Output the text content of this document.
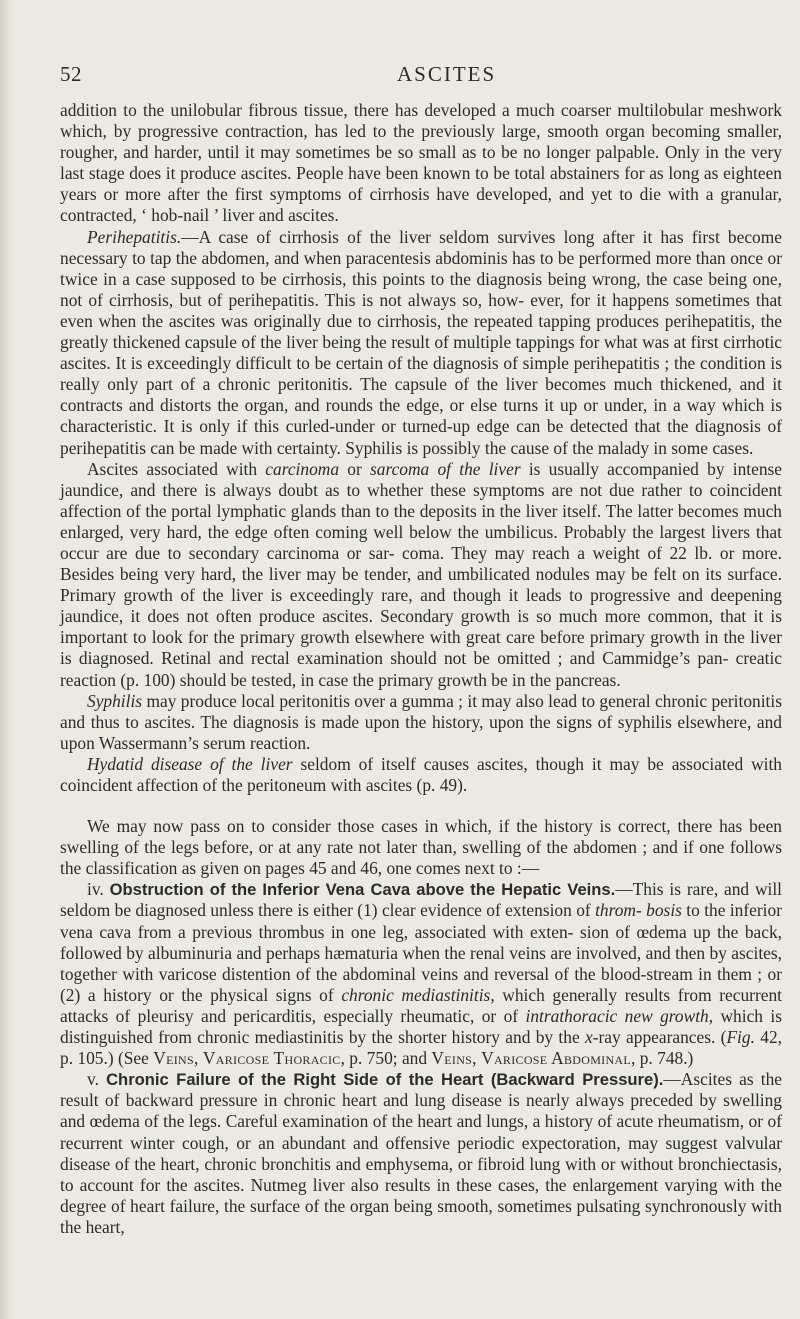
52	ASCITES

addition to the unilobular fibrous tissue, there has developed a much coarser multilobular meshwork which, by progressive contraction, has led to the previously large, smooth organ becoming smaller, rougher, and harder, until it may sometimes be so small as to be no longer palpable. Only in the very last stage does it produce ascites. People have been known to be total abstainers for as long as eighteen years or more after the first symptoms of cirrhosis have developed, and yet to die with a granular, contracted, ‘ hob-nail ’ liver and ascites.

Perihepatitis.—A case of cirrhosis of the liver seldom survives long after it has first become necessary to tap the abdomen, and when paracentesis abdominis has to be performed more than once or twice in a case supposed to be cirrhosis, this points to the diagnosis being wrong, the case being one, not of cirrhosis, but of perihepatitis. This is not always so, how- ever, for it happens sometimes that even when the ascites was originally due to cirrhosis, the repeated tapping produces perihepatitis, the greatly thickened capsule of the liver being the result of multiple tappings for what was at first cirrhotic ascites. It is exceedingly difficult to be certain of the diagnosis of simple perihepatitis ; the condition is really only part of a chronic peritonitis. The capsule of the liver becomes much thickened, and it contracts and distorts the organ, and rounds the edge, or else turns it up or under, in a way which is characteristic. It is only if this curled-under or turned-up edge can be detected that the diagnosis of perihepatitis can be made with certainty. Syphilis is possibly the cause of the malady in some cases.

Ascites associated with carcinoma or sarcoma of the liver is usually accompanied by intense jaundice, and there is always doubt as to whether these symptoms are not due rather to coincident affection of the portal lymphatic glands than to the deposits in the liver itself. The latter becomes much enlarged, very hard, the edge often coming well below the umbilicus. Probably the largest livers that occur are due to secondary carcinoma or sar- coma. They may reach a weight of 22 lb. or more. Besides being very hard, the liver may be tender, and umbilicated nodules may be felt on its surface. Primary growth of the liver is exceedingly rare, and though it leads to progressive and deepening jaundice, it does not often produce ascites. Secondary growth is so much more common, that it is important to look for the primary growth elsewhere with great care before primary growth in the liver is diagnosed. Retinal and rectal examination should not be omitted ; and Cammidge’s pan- creatic reaction (p. 100) should be tested, in case the primary growth be in the pancreas.

Syphilis may produce local peritonitis over a gumma ; it may also lead to general chronic peritonitis and thus to ascites. The diagnosis is made upon the history, upon the signs of syphilis elsewhere, and upon Wassermann’s serum reaction.

Hydatid disease of the liver seldom of itself causes ascites, though it may be associated with coincident affection of the peritoneum with ascites (p. 49).

We may now pass on to consider those cases in which, if the history is correct, there has been swelling of the legs before, or at any rate not later than, swelling of the abdomen ; and if one follows the classification as given on pages 45 and 46, one comes next to :—

iv. Obstruction of the Inferior Vena Cava above the Hepatic Veins.—This is rare, and will seldom be diagnosed unless there is either (1) clear evidence of extension of throm- bosis to the inferior vena cava from a previous thrombus in one leg, associated with exten- sion of œdema up the back, followed by albuminuria and perhaps hæmaturia when the renal veins are involved, and then by ascites, together with varicose distention of the abdominal veins and reversal of the blood-stream in them ; or (2) a history or the physical signs of chronic mediastinitis, which generally results from recurrent attacks of pleurisy and pericarditis, especially rheumatic, or of intrathoracic new growth, which is distinguished from chronic mediastinitis by the shorter history and by the x-ray appearances. (Fig. 42, p. 105.) (See Veins, Varicose Thoracic, p. 750; and Veins, Varicose Abdominal, p. 748.)

v. Chronic Failure of the Right Side of the Heart (Backward Pressure).—Ascites as the result of backward pressure in chronic heart and lung disease is nearly always preceded by swelling and œdema of the legs. Careful examination of the heart and lungs, a history of acute rheumatism, or of recurrent winter cough, or an abundant and offensive periodic expectoration, may suggest valvular disease of the heart, chronic bronchitis and emphysema, or fibroid lung with or without bronchiectasis, to account for the ascites. Nutmeg liver also results in these cases, the enlargement varying with the degree of heart failure, the surface of the organ being smooth, sometimes pulsating synchronously with the heart,
